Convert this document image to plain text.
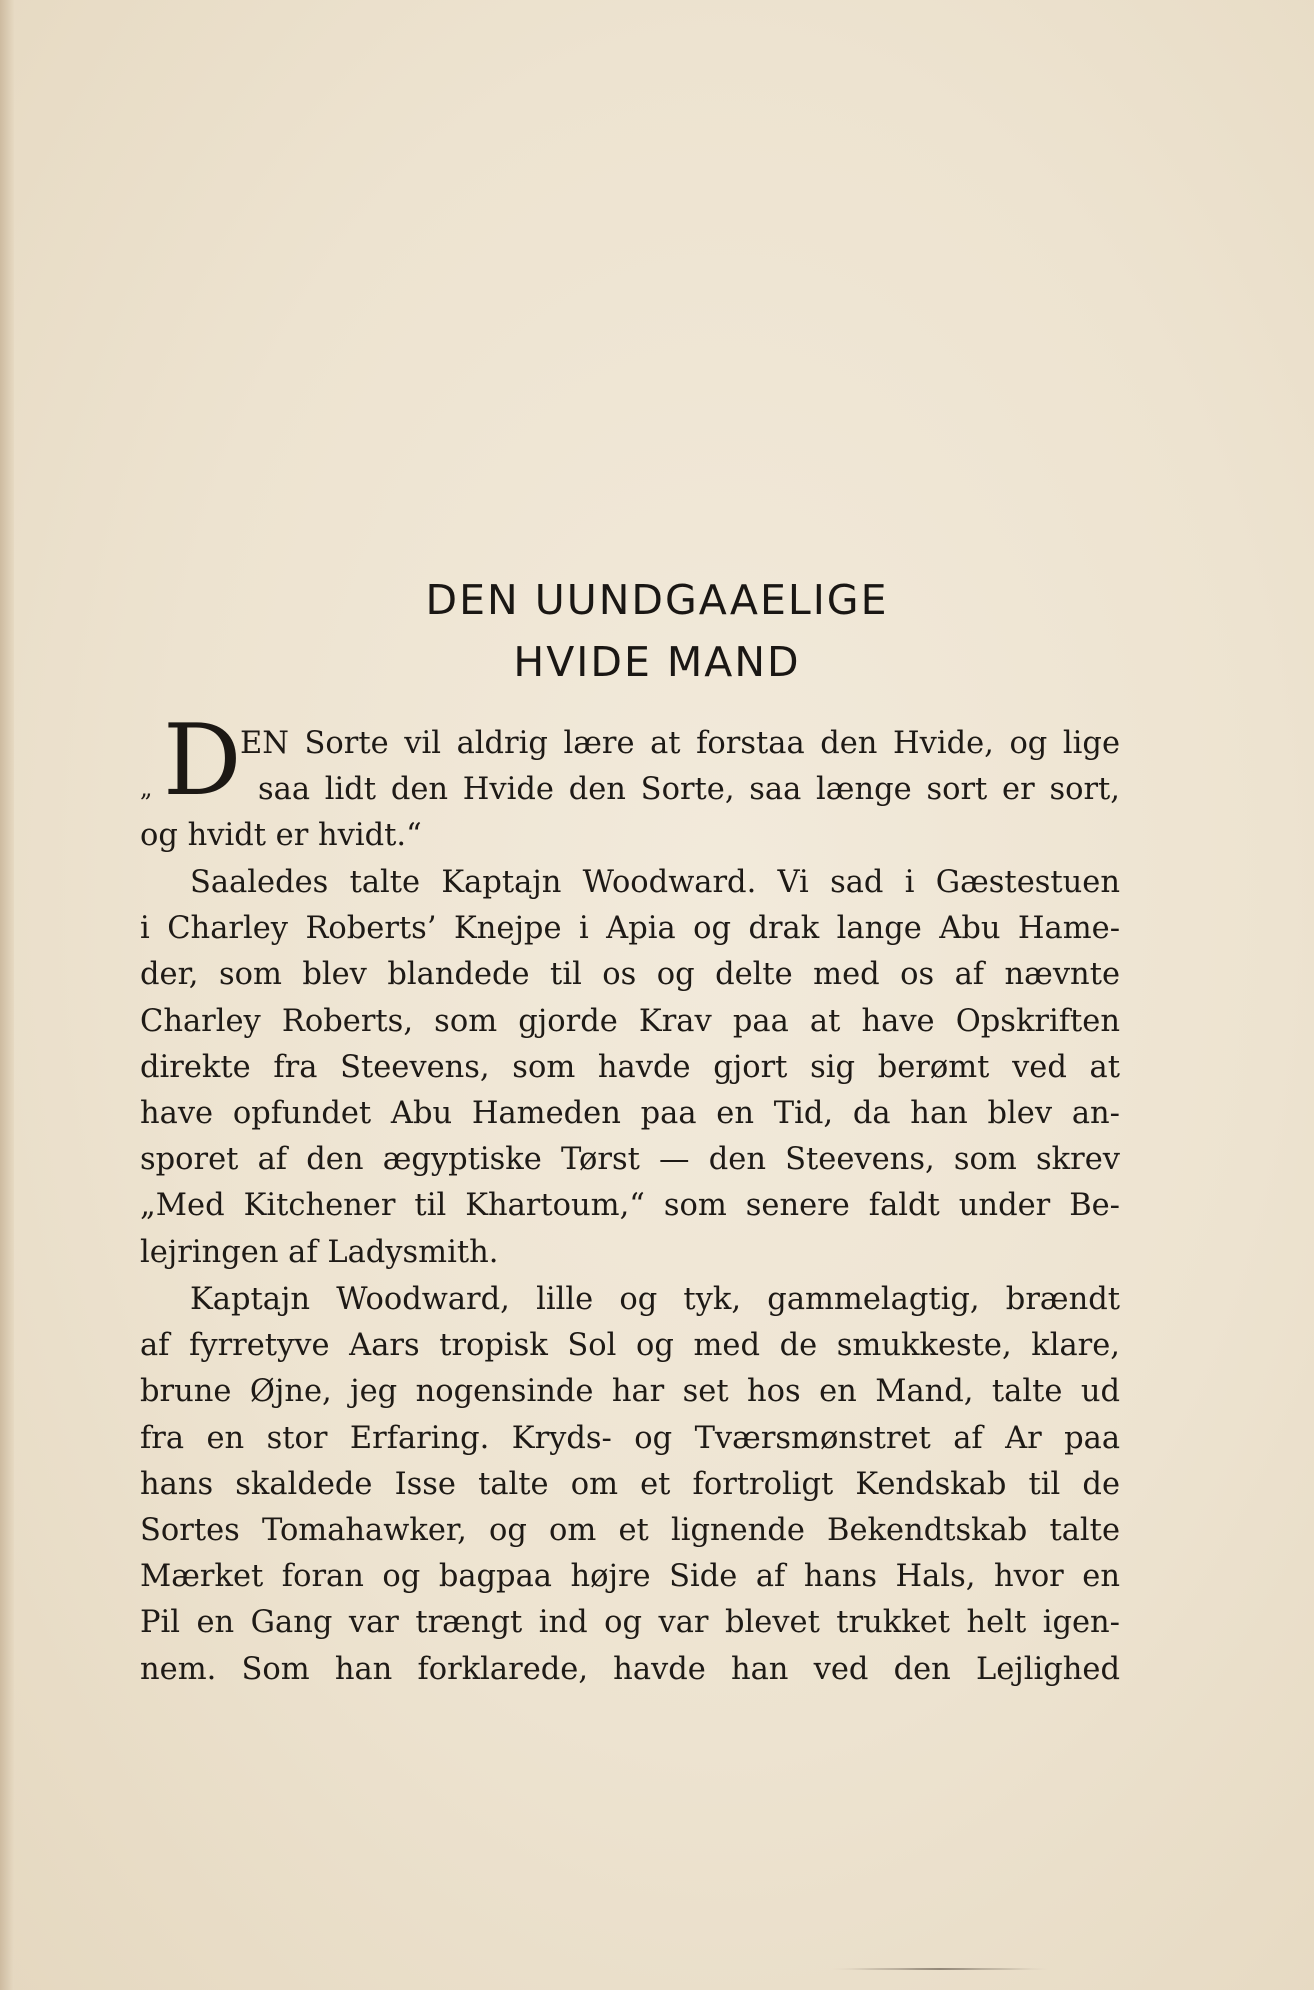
DEN UUNDGAAELIGE
HVIDE MAND
D
„
EN Sorte vil aldrig lære at forstaa den Hvide, og lige
saa lidt den Hvide den Sorte, saa længe sort er sort,
og hvidt er hvidt.“
Saaledes talte Kaptajn Woodward. Vi sad i Gæstestuen
i Charley Roberts’ Knejpe i Apia og drak lange Abu Hame-
der, som blev blandede til os og delte med os af nævnte
Charley Roberts, som gjorde Krav paa at have Opskriften
direkte fra Steevens, som havde gjort sig berømt ved at
have opfundet Abu Hameden paa en Tid, da han blev an-
sporet af den ægyptiske Tørst — den Steevens, som skrev
„Med Kitchener til Khartoum,“ som senere faldt under Be-
lejringen af Ladysmith.
Kaptajn Woodward, lille og tyk, gammelagtig, brændt
af fyrretyve Aars tropisk Sol og med de smukkeste, klare,
brune Øjne, jeg nogensinde har set hos en Mand, talte ud
fra en stor Erfaring. Kryds- og Tværsmønstret af Ar paa
hans skaldede Isse talte om et fortroligt Kendskab til de
Sortes Tomahawker, og om et lignende Bekendtskab talte
Mærket foran og bagpaa højre Side af hans Hals, hvor en
Pil en Gang var trængt ind og var blevet trukket helt igen-
nem. Som han forklarede, havde han ved den Lejlighed
